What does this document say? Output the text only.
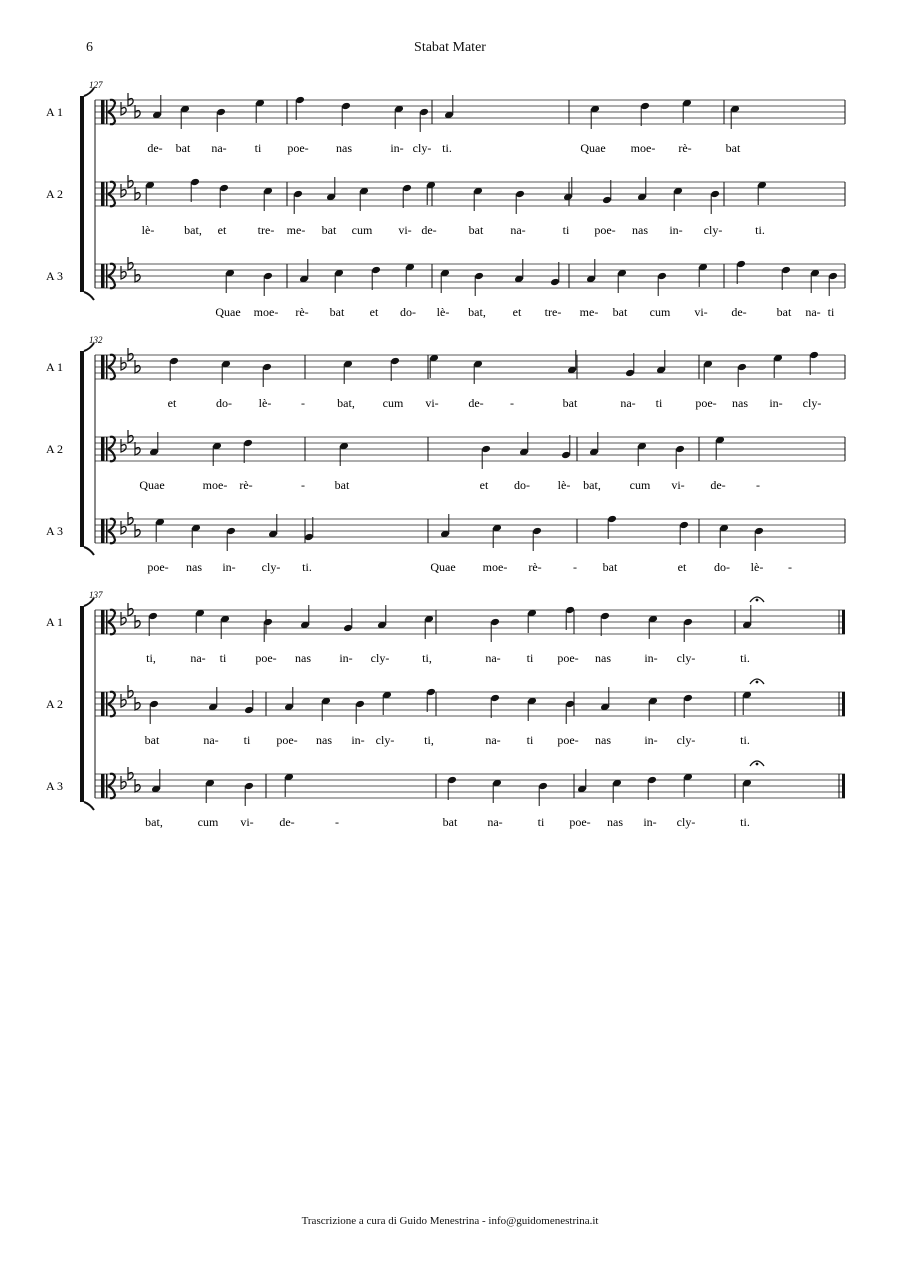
6	Stabat Mater
127
A 1
de- bat na- ti poe- nas	in- cly- ti.	Quae moe- rè-	bat
A 2
lè- bat, et	tre- me- bat cum vi- de-	bat na-	ti poe- nas in- cly-	ti.
A 3
Quae moe- rè- bat et do- lè- bat, et tre- me- bat cum vi- de-	bat na- ti
132
A 1
et	do- lè- -	bat, cum vi- de- -	bat	na- ti	poe- nas in- cly-
A 2
Quae	moe- rè-	- bat	et do- lè- bat, cum vi- de-	-
A 3
poe- nas in- cly- ti.	Quae moe- rè-	- bat	et do- lè- -
137
A 1
ti,	na- ti poe- nas in- cly-	ti,	na- ti poe- nas	in- cly-	ti.
A 2
bat	na- ti poe- nas in- cly- ti,	na- ti poe- nas	in- cly-	ti.
A 3
bat,	cum vi- de-	-	bat	na-	ti poe- nas in- cly-	ti.
Trascrizione a cura di Guido Menestrina - info@guidomenestrina.it
